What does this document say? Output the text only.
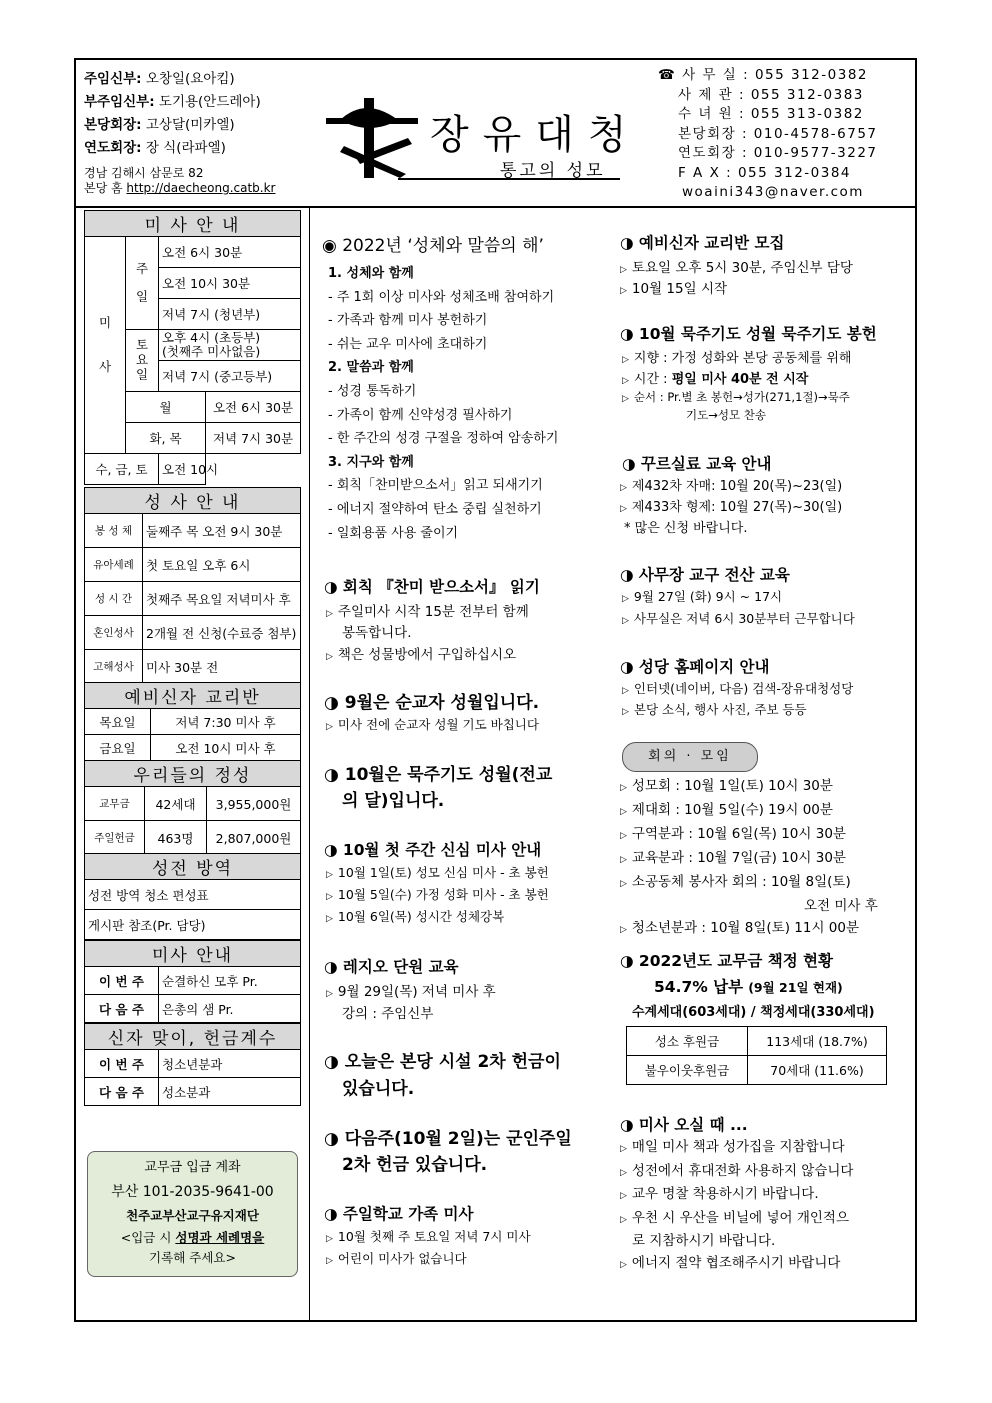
주임신부: 오창일(요아킴)
부주임신부: 도기용(안드레아)
본당회장: 고상달(미카엘)
연도회장: 장 식(라파엘)
경남 김해시 삼문로 82
본당 홈 http://daecheong.catb.kr
장유대청
통고의 성모
☎ 사 무 실 : 055 312-0382
사 제 관 : 055 312-0383
수 녀 원 : 055 313-0382
본당회장 : 010-4578-6757
연도회장 : 010-9577-3227
F A X : 055 312-0384
woaini343@naver.com
미 사 안 내			
미 사	주 일	오전 6시 30분	
		오전 10시 30분	
		저녁 7시 (청년부)	
	토 요 일	오후 4시 (초등부)
(첫째주 미사없음)	

		저녁 7시 (중고등부)	
	월		오전 6시 30분
	화, 목		저녁 7시 30분
수, 금, 토		오전 10시	
성 사 안 내	
봉 성 체	둘째주 목 오전 9시 30분
유아세례	첫 토요일 오후 6시
성 시 간	첫째주 목요일 저녁미사 후
혼인성사	2개월 전 신청(수료증 첨부)
고해성사	미사 30분 전
예비신자 교리반	
목요일	저녁 7:30 미사 후
금요일	오전 10시 미사 후
우리들의 정성		
교무금	42세대	3,955,000원
주일헌금	463명	2,807,000원
성전 방역
성전 방역 청소 편성표
게시판 참조(Pr. 담당)
미사 안내	
이 번 주	순결하신 모후 Pr.
다 음 주	은총의 샘 Pr.
신자 맞이, 헌금계수	
이 번 주	청소년분과
다 음 주	성소분과
교무금 입금 계좌
부산 101-2035-9641-00
천주교부산교구유지재단
<입금 시 성명과 세례명을
기록해 주세요>
◉ 2022년 ‘성체와 말씀의 해’
1. 성체와 함께
- 주 1회 이상 미사와 성체조배 참여하기
- 가족과 함께 미사 봉헌하기
- 쉬는 교우 미사에 초대하기
2. 말씀과 함께
- 성경 통독하기
- 가족이 함께 신약성경 필사하기
- 한 주간의 성경 구절을 정하여 암송하기
3. 지구와 함께
- 회칙「찬미받으소서」읽고 되새기기
- 에너지 절약하여 탄소 중립 실천하기
- 일회용품 사용 줄이기
◑ 회칙 『찬미 받으소서』 읽기
▷ 주일미사 시작 15분 전부터 함께
봉독합니다.
▷ 책은 성물방에서 구입하십시오
◑ 9월은 순교자 성월입니다.
▷ 미사 전에 순교자 성월 기도 바칩니다
◑ 10월은 묵주기도 성월(전교
의 달)입니다.
◑ 10월 첫 주간 신심 미사 안내
▷ 10월 1일(토) 성모 신심 미사 - 초 봉헌
▷ 10월 5일(수) 가정 성화 미사 - 초 봉헌
▷ 10월 6일(목) 성시간 성체강복
◑ 레지오 단원 교육
▷ 9월 29일(목) 저녁 미사 후
강의 : 주임신부
◑ 오늘은 본당 시설 2차 헌금이
있습니다.
◑ 다음주(10월 2일)는 군인주일
2차 헌금 있습니다.
◑ 주일학교 가족 미사
▷ 10월 첫째 주 토요일 저녁 7시 미사
▷ 어린이 미사가 없습니다
◑ 예비신자 교리반 모집
▷ 토요일 오후 5시 30분, 주임신부 담당
▷ 10월 15일 시작
◑ 10월 묵주기도 성월 묵주기도 봉헌
▷ 지향 : 가정 성화와 본당 공동체를 위해
▷ 시간 : 평일 미사 40분 전 시작
▷ 순서 : Pr.별 초 봉헌→성가(271,1절)→묵주
기도→성모 찬송
◑ 꾸르실료 교육 안내
▷ 제432차 자매: 10월 20(목)~23(일)
▷ 제433차 형제: 10월 27(목)~30(일)
* 많은 신청 바랍니다.
◑ 사무장 교구 전산 교육
▷ 9월 27일 (화) 9시 ~ 17시
▷ 사무실은 저녁 6시 30분부터 근무합니다
◑ 성당 홈페이지 안내
▷ 인터넷(네이버, 다음) 검색-장유대청성당
▷ 본당 소식, 행사 사진, 주보 등등
회의 · 모임
▷ 성모회 : 10월 1일(토) 10시 30분
▷ 제대회 : 10월 5일(수) 19시 00분
▷ 구역분과 : 10월 6일(목) 10시 30분
▷ 교육분과 : 10월 7일(금) 10시 30분
▷ 소공동체 봉사자 회의 : 10월 8일(토)
오전 미사 후
▷ 청소년분과 : 10월 8일(토) 11시 00분
◑ 2022년도 교무금 책정 현황
54.7% 납부 (9월 21일 현재)
수계세대(603세대) / 책정세대(330세대)
성소 후원금	113세대 (18.7%)
불우이웃후원금	70세대 (11.6%)
◑ 미사 오실 때 ...
▷ 매일 미사 책과 성가집을 지참합니다
▷ 성전에서 휴대전화 사용하지 않습니다
▷ 교우 명찰 착용하시기 바랍니다.
▷ 우천 시 우산을 비닐에 넣어 개인적으
로 지참하시기 바랍니다.
▷ 에너지 절약 협조해주시기 바랍니다
